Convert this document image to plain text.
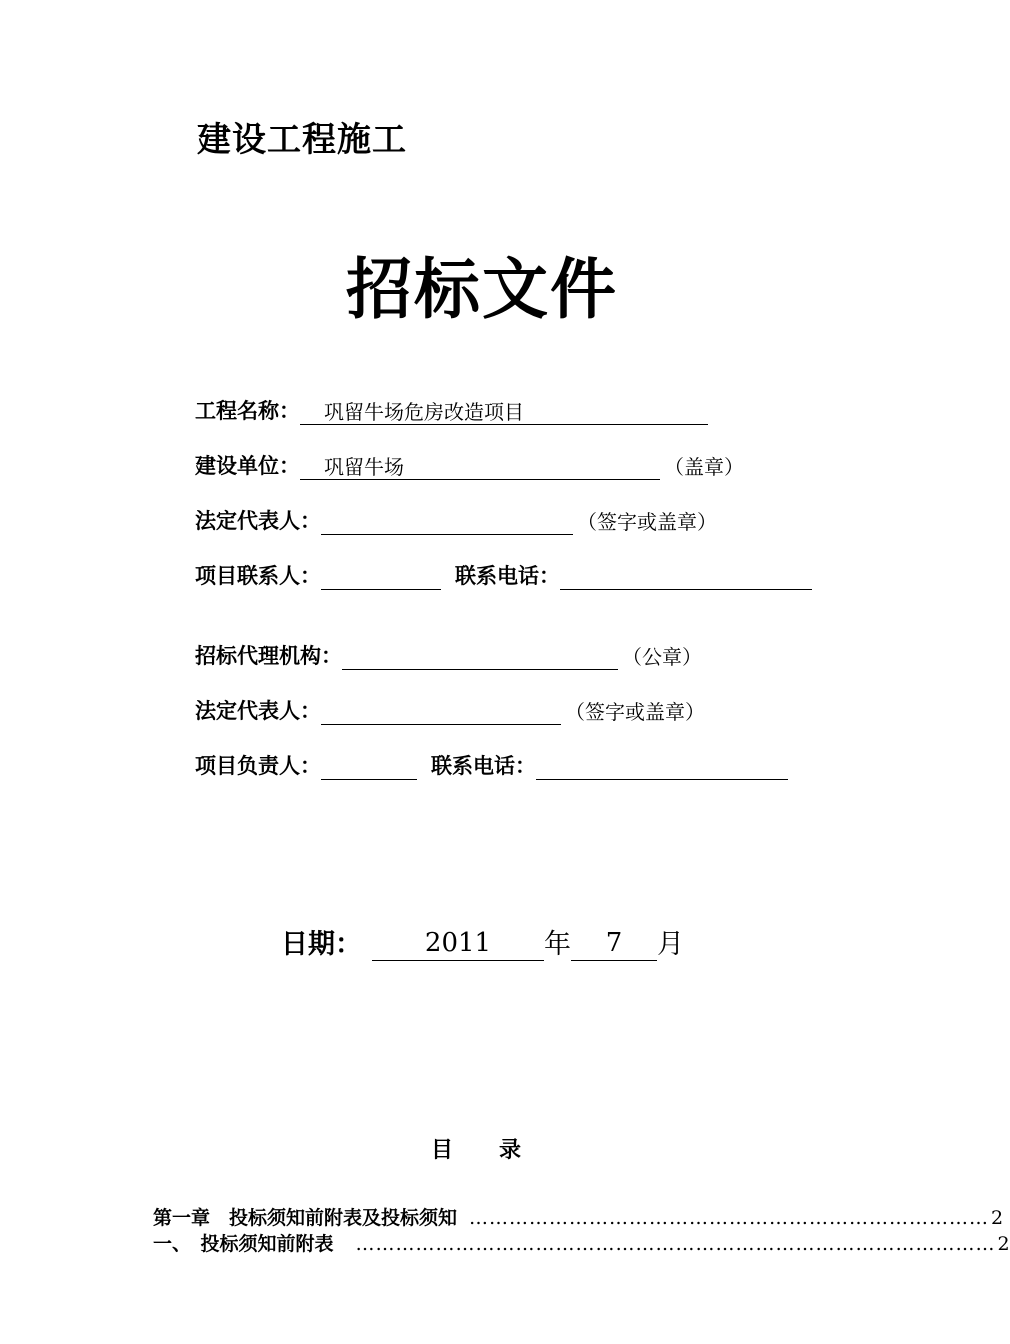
建设工程施工
招标文件
工程名称：	巩留牛场危房改造项目
建设单位：	巩留牛场	（盖章）
法定代表人：	（签字或盖章）
项目联系人：	联系电话：
招标代理机构：	（公章）
法定代表人：	（签字或盖章）
项目负责人：	联系电话：
日期：	2011	年	7	月
目录
第一章　投标须知前附表及投标须知 …………………………………………………………………… 2
一、　投标须知前附表 …………………………………………………………………………………… 2
